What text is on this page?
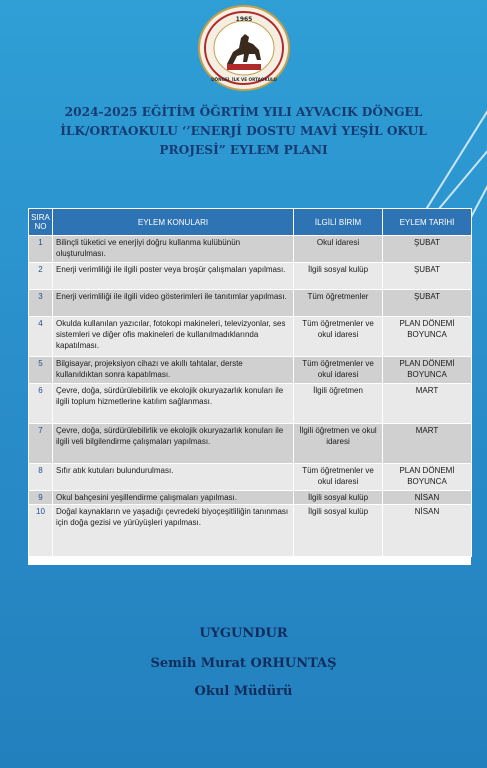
1965
DÖNGEL İLK VE ORTAOKULU
2024-2025 EĞİTİM ÖĞRTİM YILI AYVACIK DÖNGEL
İLK/ORTAOKULU ‘’ENERJİ DOSTU MAVİ YEŞİL OKUL
PROJESİ” EYLEM PLANI
SIRA NO	EYLEM KONULARI	İLGİLİ BİRİM	EYLEM TARİHİ
1	Bilinçli tüketici ve enerjiyi doğru kullanma kulübünün oluşturulması.	Okul idaresi	ŞUBAT
2	Enerji verimliliği ile ilgili poster veya broşür çalışmaları yapılması.	İlgili sosyal kulüp	ŞUBAT
3	Enerji verimliliği ile ilgili video gösterimleri ile tanıtımlar yapılması.	Tüm öğretmenler	ŞUBAT
4	Okulda kullanılan yazıcılar, fotokopi makineleri, televizyonlar, ses sistemleri ve diğer ofis makineleri de kullanılmadıklarında kapatılması.	Tüm öğretmenler ve okul idaresi	PLAN DÖNEMİ BOYUNCA
5	Bilgisayar, projeksiyon cihazı ve akıllı tahtalar, derste kullanıldıktan sonra kapatılması.	Tüm öğretmenler ve okul idaresi	PLAN DÖNEMİ BOYUNCA
6	Çevre, doğa, sürdürülebilirlik ve ekolojik okuryazarlık konuları ile ilgili toplum hizmetlerine katılım sağlanması.	İlgili öğretmen	MART
7	Çevre, doğa, sürdürülebilirlik ve ekolojik okuryazarlık konuları ile ilgili veli bilgilendirme çalışmaları yapılması.	İlgili öğretmen ve okul idaresi	MART
8	Sıfır atık kutuları bulundurulması.	Tüm öğretmenler ve okul idaresi	PLAN DÖNEMİ BOYUNCA
9	Okul bahçesini yeşillendirme çalışmaları yapılması.	İlgili sosyal kulüp	NİSAN
10	Doğal kaynakların ve yaşadığı çevredeki biyoçeşitliliğin tanınması için doğa gezisi ve yürüyüşleri yapılması.	İlgili sosyal kulüp	NİSAN
UYGUNDUR
Semih Murat ORHUNTAŞ
Okul Müdürü
